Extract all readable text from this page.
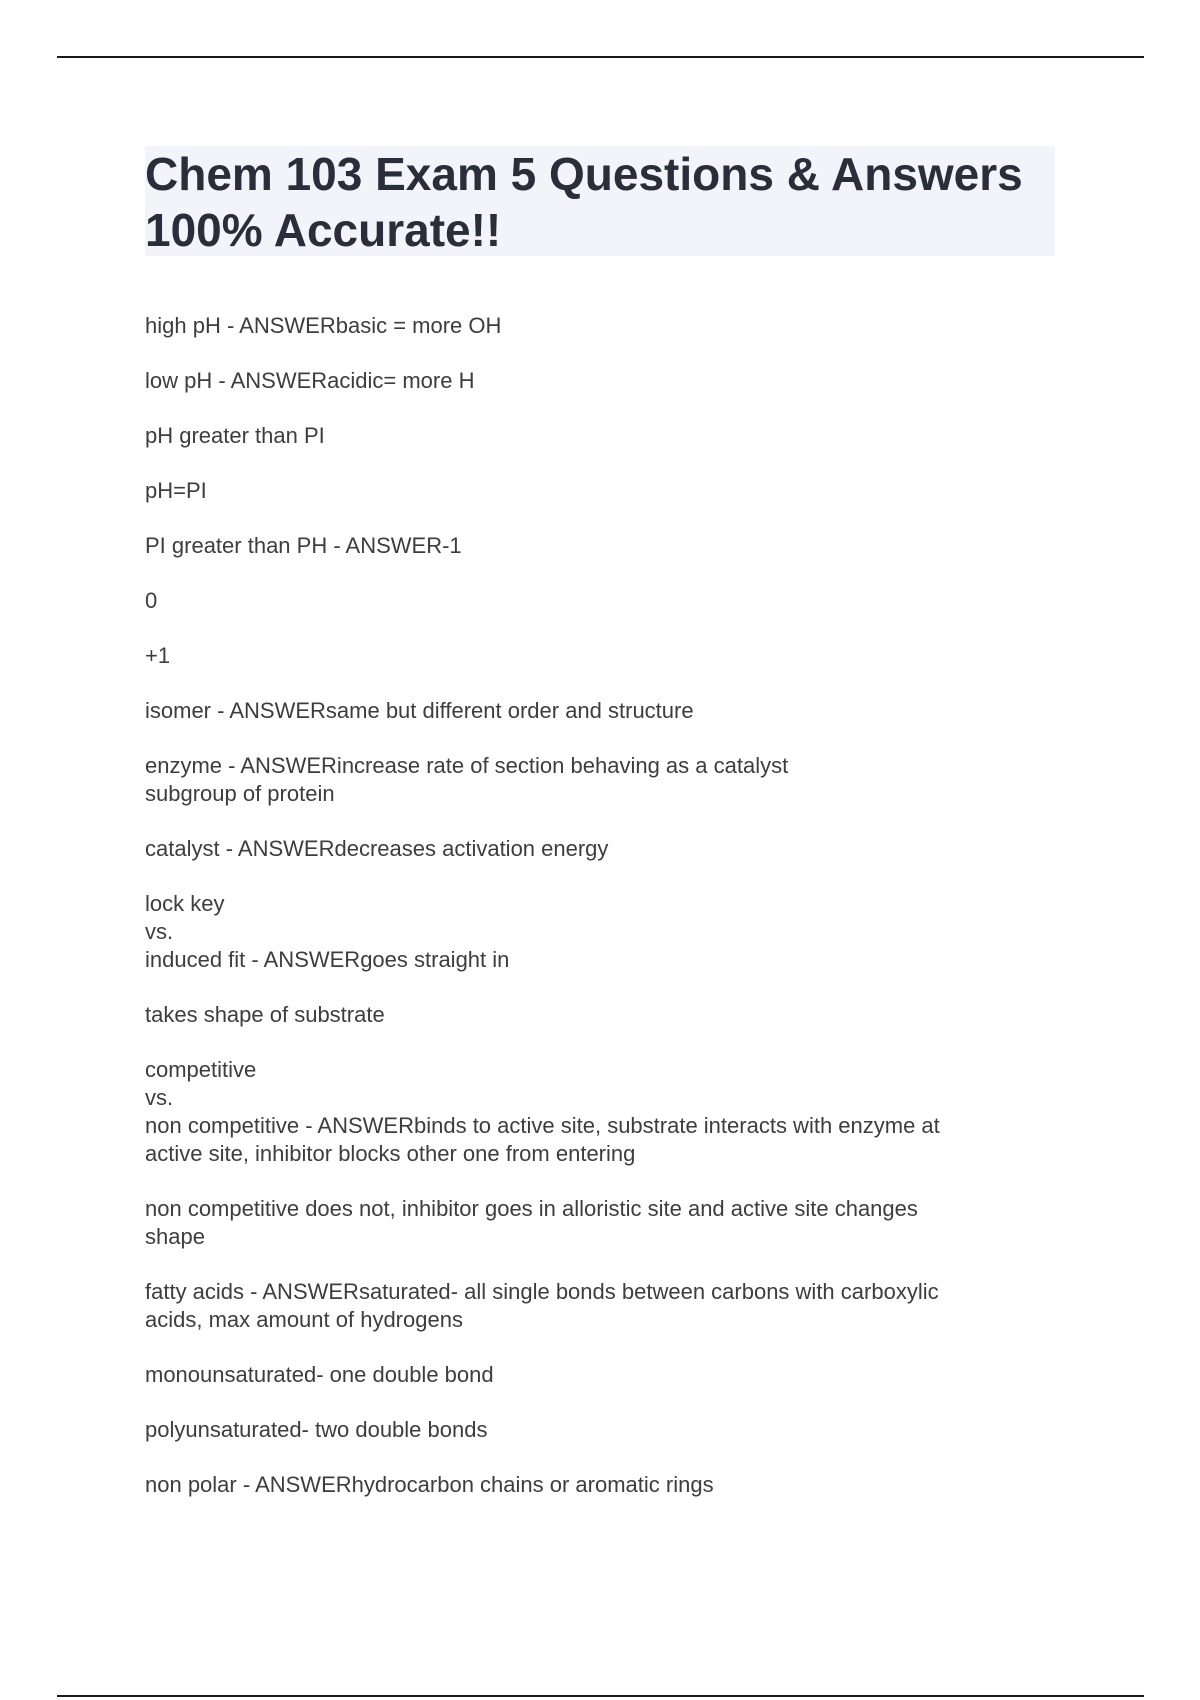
Chem 103 Exam 5 Questions & Answers 100% Accurate!!
high pH - ANSWERbasic = more OH
low pH - ANSWERacidic= more H
pH greater than PI
pH=PI
PI greater than PH - ANSWER-1
0
+1
isomer - ANSWERsame but different order and structure
enzyme - ANSWERincrease rate of section behaving as a catalyst
subgroup of protein
catalyst - ANSWERdecreases activation energy
lock key
vs.
induced fit - ANSWERgoes straight in
takes shape of substrate
competitive
vs.
non competitive - ANSWERbinds to active site, substrate interacts with enzyme at
active site, inhibitor blocks other one from entering
non competitive does not, inhibitor goes in alloristic site and active site changes
shape
fatty acids - ANSWERsaturated- all single bonds between carbons with carboxylic
acids, max amount of hydrogens
monounsaturated- one double bond
polyunsaturated- two double bonds
non polar - ANSWERhydrocarbon chains or aromatic rings
